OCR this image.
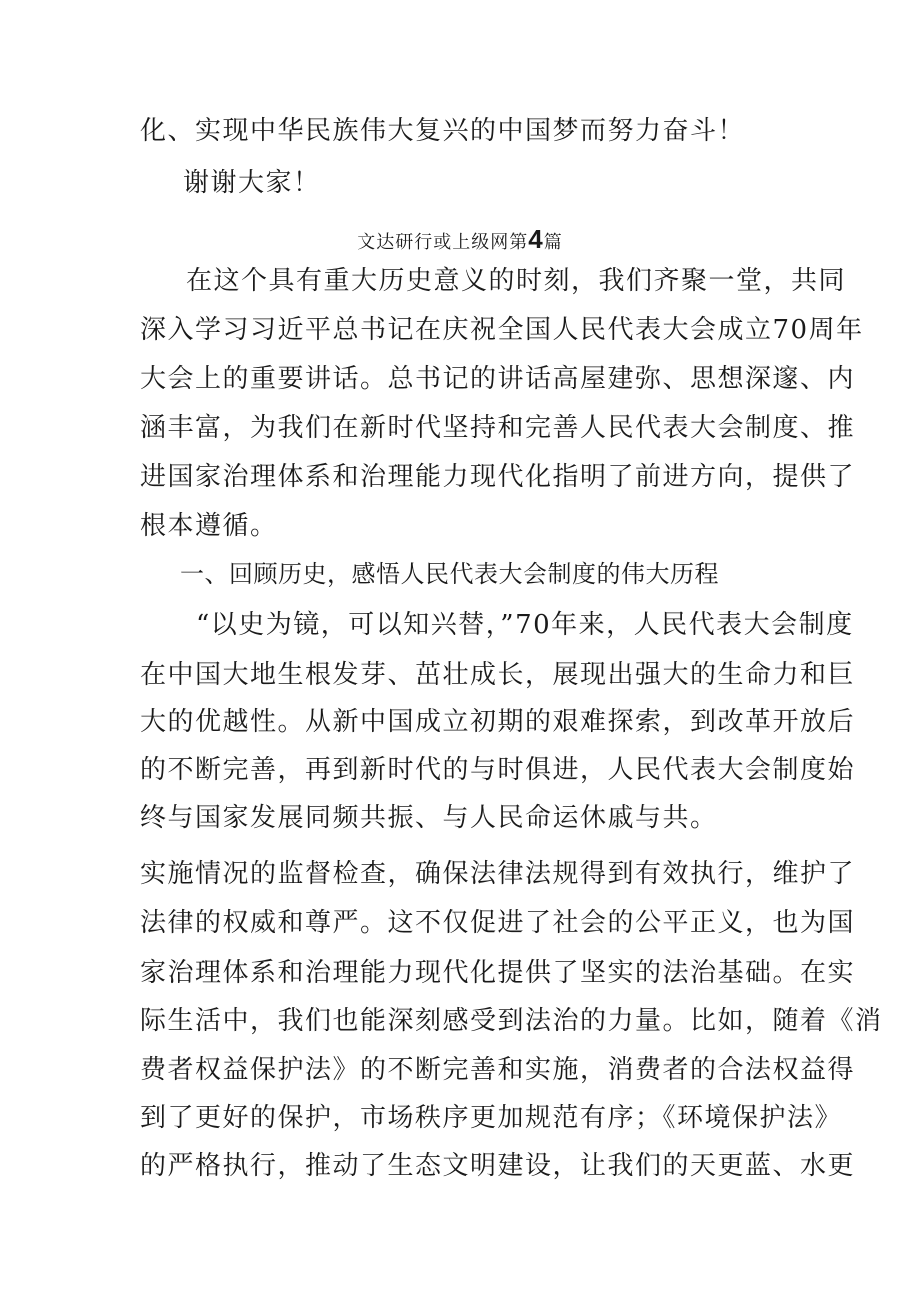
化、实现中华民族伟大复兴的中国梦而努力奋斗！
谢谢大家！
文达研行或上级网第4篇
在这个具有重大历史意义的时刻，我们齐聚一堂，共同
深入学习习近平总书记在庆祝全国人民代表大会成立70周年
大会上的重要讲话。总书记的讲话高屋建弥、思想深邃、内
涵丰富，为我们在新时代坚持和完善人民代表大会制度、推
进国家治理体系和治理能力现代化指明了前进方向，提供了
根本遵循。
一、回顾历史，感悟人民代表大会制度的伟大历程
“以史为镜，可以知兴替，”70年来，人民代表大会制度
在中国大地生根发芽、茁壮成长，展现出强大的生命力和巨
大的优越性。从新中国成立初期的艰难探索，到改革开放后
的不断完善，再到新时代的与时俱进，人民代表大会制度始
终与国家发展同频共振、与人民命运休戚与共。
实施情况的监督检查，确保法律法规得到有效执行，维护了
法律的权威和尊严。这不仅促进了社会的公平正义，也为国
家治理体系和治理能力现代化提供了坚实的法治基础。在实
际生活中，我们也能深刻感受到法治的力量。比如，随着《消
费者权益保护法》的不断完善和实施，消费者的合法权益得
到了更好的保护，市场秩序更加规范有序；《环境保护法》
的严格执行，推动了生态文明建设，让我们的天更蓝、水更
